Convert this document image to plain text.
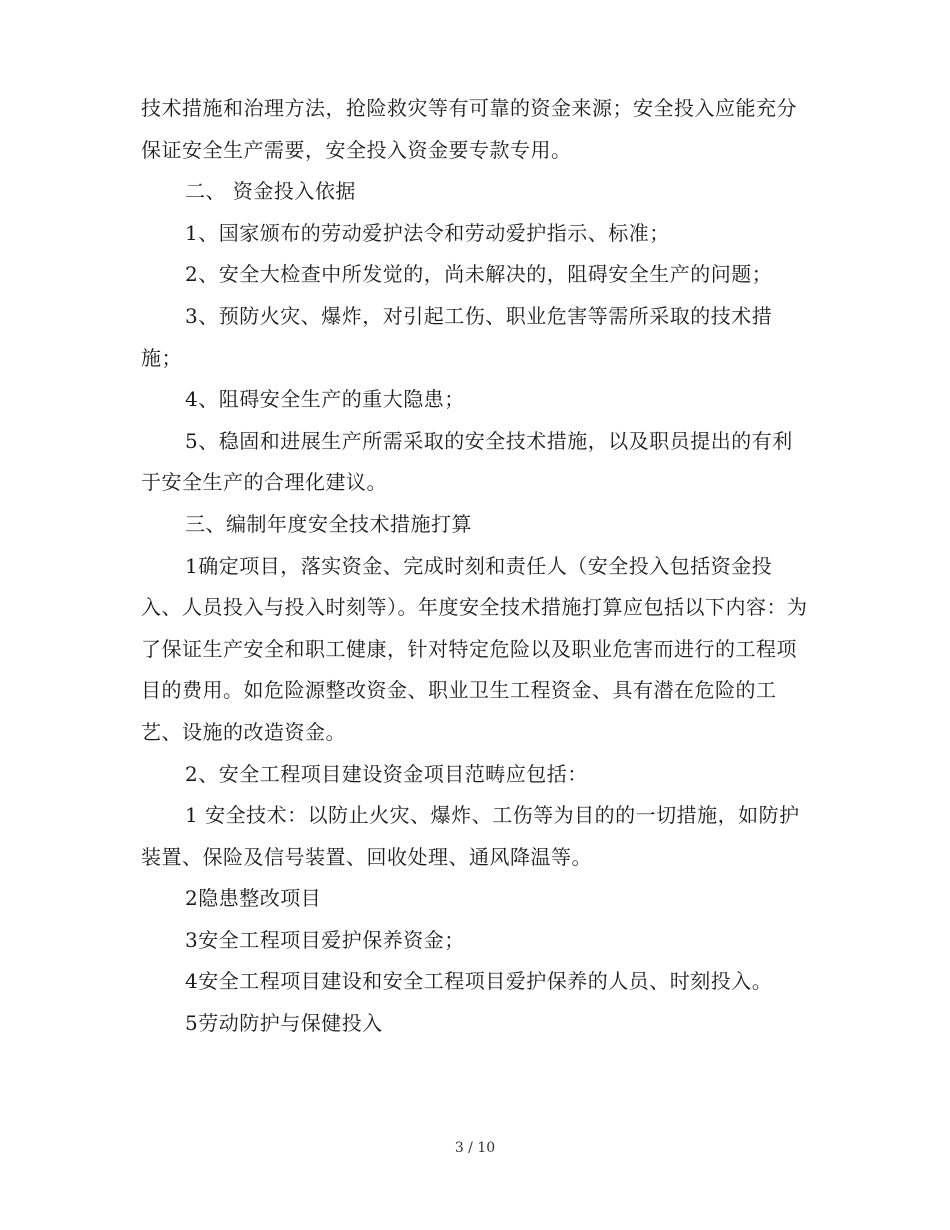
技术措施和治理方法，抢险救灾等有可靠的资金来源；安全投入应能充分保证安全生产需要，安全投入资金要专款专用。

二、 资金投入依据

1、国家颁布的劳动爱护法令和劳动爱护指示、标准；

2、安全大检查中所发觉的，尚未解决的，阻碍安全生产的问题；

3、预防火灾、爆炸，对引起工伤、职业危害等需所采取的技术措施；

4、阻碍安全生产的重大隐患；

5、稳固和进展生产所需采取的安全技术措施，以及职员提出的有利于安全生产的合理化建议。

三、编制年度安全技术措施打算

1确定项目，落实资金、完成时刻和责任人（安全投入包括资金投入、人员投入与投入时刻等）。年度安全技术措施打算应包括以下内容：为了保证生产安全和职工健康，针对特定危险以及职业危害而进行的工程项目的费用。如危险源整改资金、职业卫生工程资金、具有潜在危险的工艺、设施的改造资金。

2、安全工程项目建设资金项目范畴应包括：

1 安全技术：以防止火灾、爆炸、工伤等为目的的一切措施，如防护装置、保险及信号装置、回收处理、通风降温等。

2隐患整改项目

3安全工程项目爱护保养资金；

4安全工程项目建设和安全工程项目爱护保养的人员、时刻投入。

5劳动防护与保健投入

3 / 10
